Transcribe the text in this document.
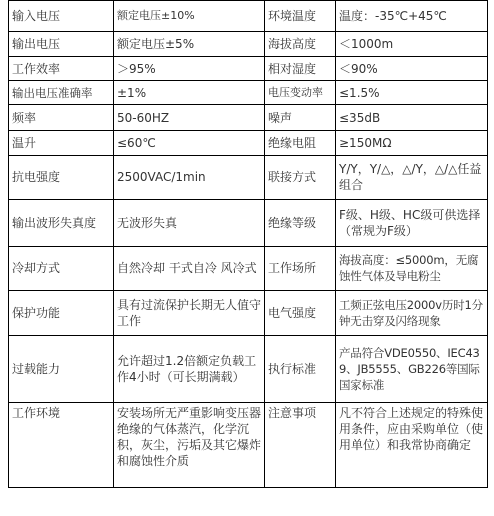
输入电压	额定电压±10%	环境温度	温度：-35℃+45℃
输出电压	额定电压±5%	海拔高度	＜1000m
工作效率	＞95%	相对湿度	＜90%
输出电压准确率	±1%	电压变动率	≤1.5%
频率	50-60HZ	噪声	≤35dB
温升	≤60℃	绝缘电阻	≥150MΩ
抗电强度	2500VAC/1min	联接方式	Y/Y，Y/△，△/Y，△/△任益组合
输出波形失真度	无波形失真	绝缘等级	F级、H级、HC级可供选择（常规为F级）
冷却方式	自然冷却 干式自冷 风冷式	工作场所	海拔高度：≤5000m，无腐蚀性气体及导电粉尘
保护功能	具有过流保护长期无人值守工作	电气强度	工频正弦电压2000v历时1分钟无击穿及闪络现象
过载能力	允许超过1.2倍额定负载工作4小时（可长期满载）	执行标准	产品符合VDE0550、IEC439、JB5555、GB226等国际国家标准
工作环境	安装场所无严重影响变压器绝缘的气体蒸汽，化学沉积，灰尘，污垢及其它爆炸和腐蚀性介质	注意事项	凡不符合上述规定的特殊使用条件，应由采购单位（使用单位）和我常协商确定
